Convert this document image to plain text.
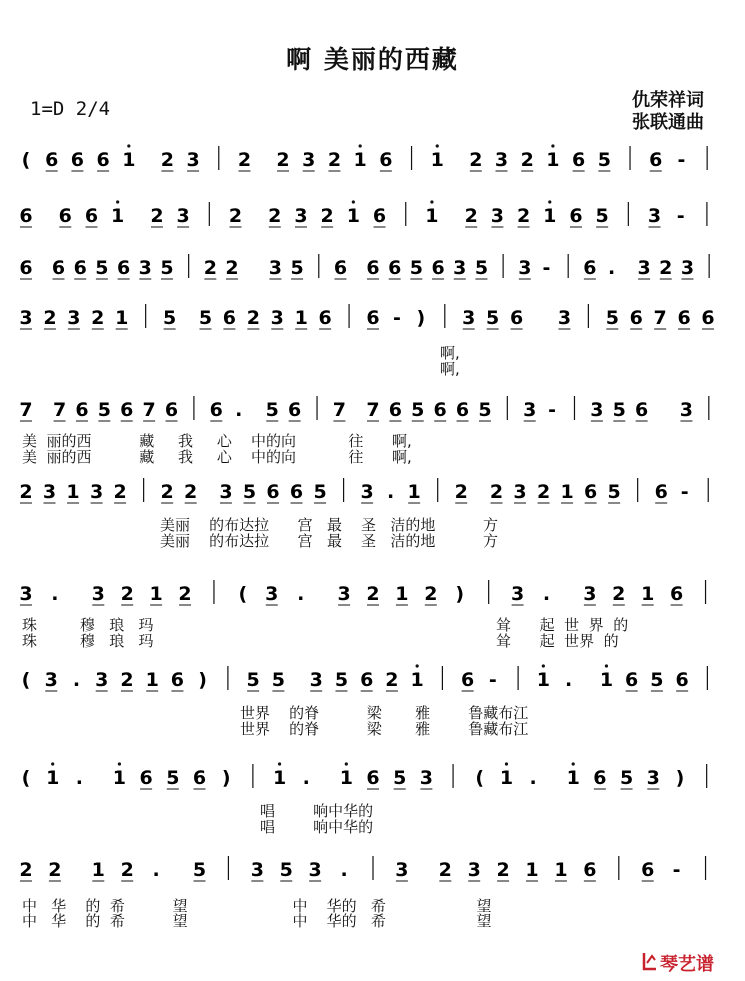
啊 美丽的西藏
1=D 2/4	仇荣祥词
张联通曲
( 6 6 6 1 2 3 2 2 3 2 1 6 1 2 3 2 1 6 5 6 -
6 6 6 1 2 3 2 2 3 2 1 6 1 2 3 2 1 6 5 3 -
6 6 6 5 6 3 5 2 2 3 5 6 6 6 5 6 3 5 3 - 6 . 3 2 3
3 2 3 2 1 5 5 6 2 3 1 6 6 - ) 3 5 6 3 5 6 7 6 6
7 7 6 5 6 7 6 6 . 5 6 7 7 6 5 6 6 5 3 - 3 5 6 3
2 3 1 3 2 2 2 3 5 6 6 5 3 . 1 2 2 3 2 1 6 5 6 -
3 . 3 2 1 2 ( 3 . 3 2 1 2 ) 3 . 3 2 1 6
( 3 . 3 2 1 6 ) 5 5 3 5 6 2 1 6 - 1 . 1 6 5 6
( 1 . 1 6 5 6 ) 1 . 1 6 5 3 ( 1 . 1 6 5 3 )
2 2 1 2 . 5 3 5 3 .	3 2 3 2 1 1 6 6 -
啊,
啊,
美  丽的西          藏     我     心    中的向           往      啊,
美  丽的西          藏     我     心    中的向           往      啊,
美丽    的布达拉      宫   最    圣   洁的地          方
美丽    的布达拉      宫   最    圣   洁的地          方
珠         穆   琅   玛
珠         穆   琅   玛
耸      起  世  界  的
耸      起  世界  的
世界    的脊          梁       雅        鲁藏布江
世界    的脊          梁       雅        鲁藏布江
唱        响中华的
唱        响中华的
中   华    的  希          望                      中    华的   希                   望
中   华    的  希          望                      中    华的   希                   望
琴艺谱
